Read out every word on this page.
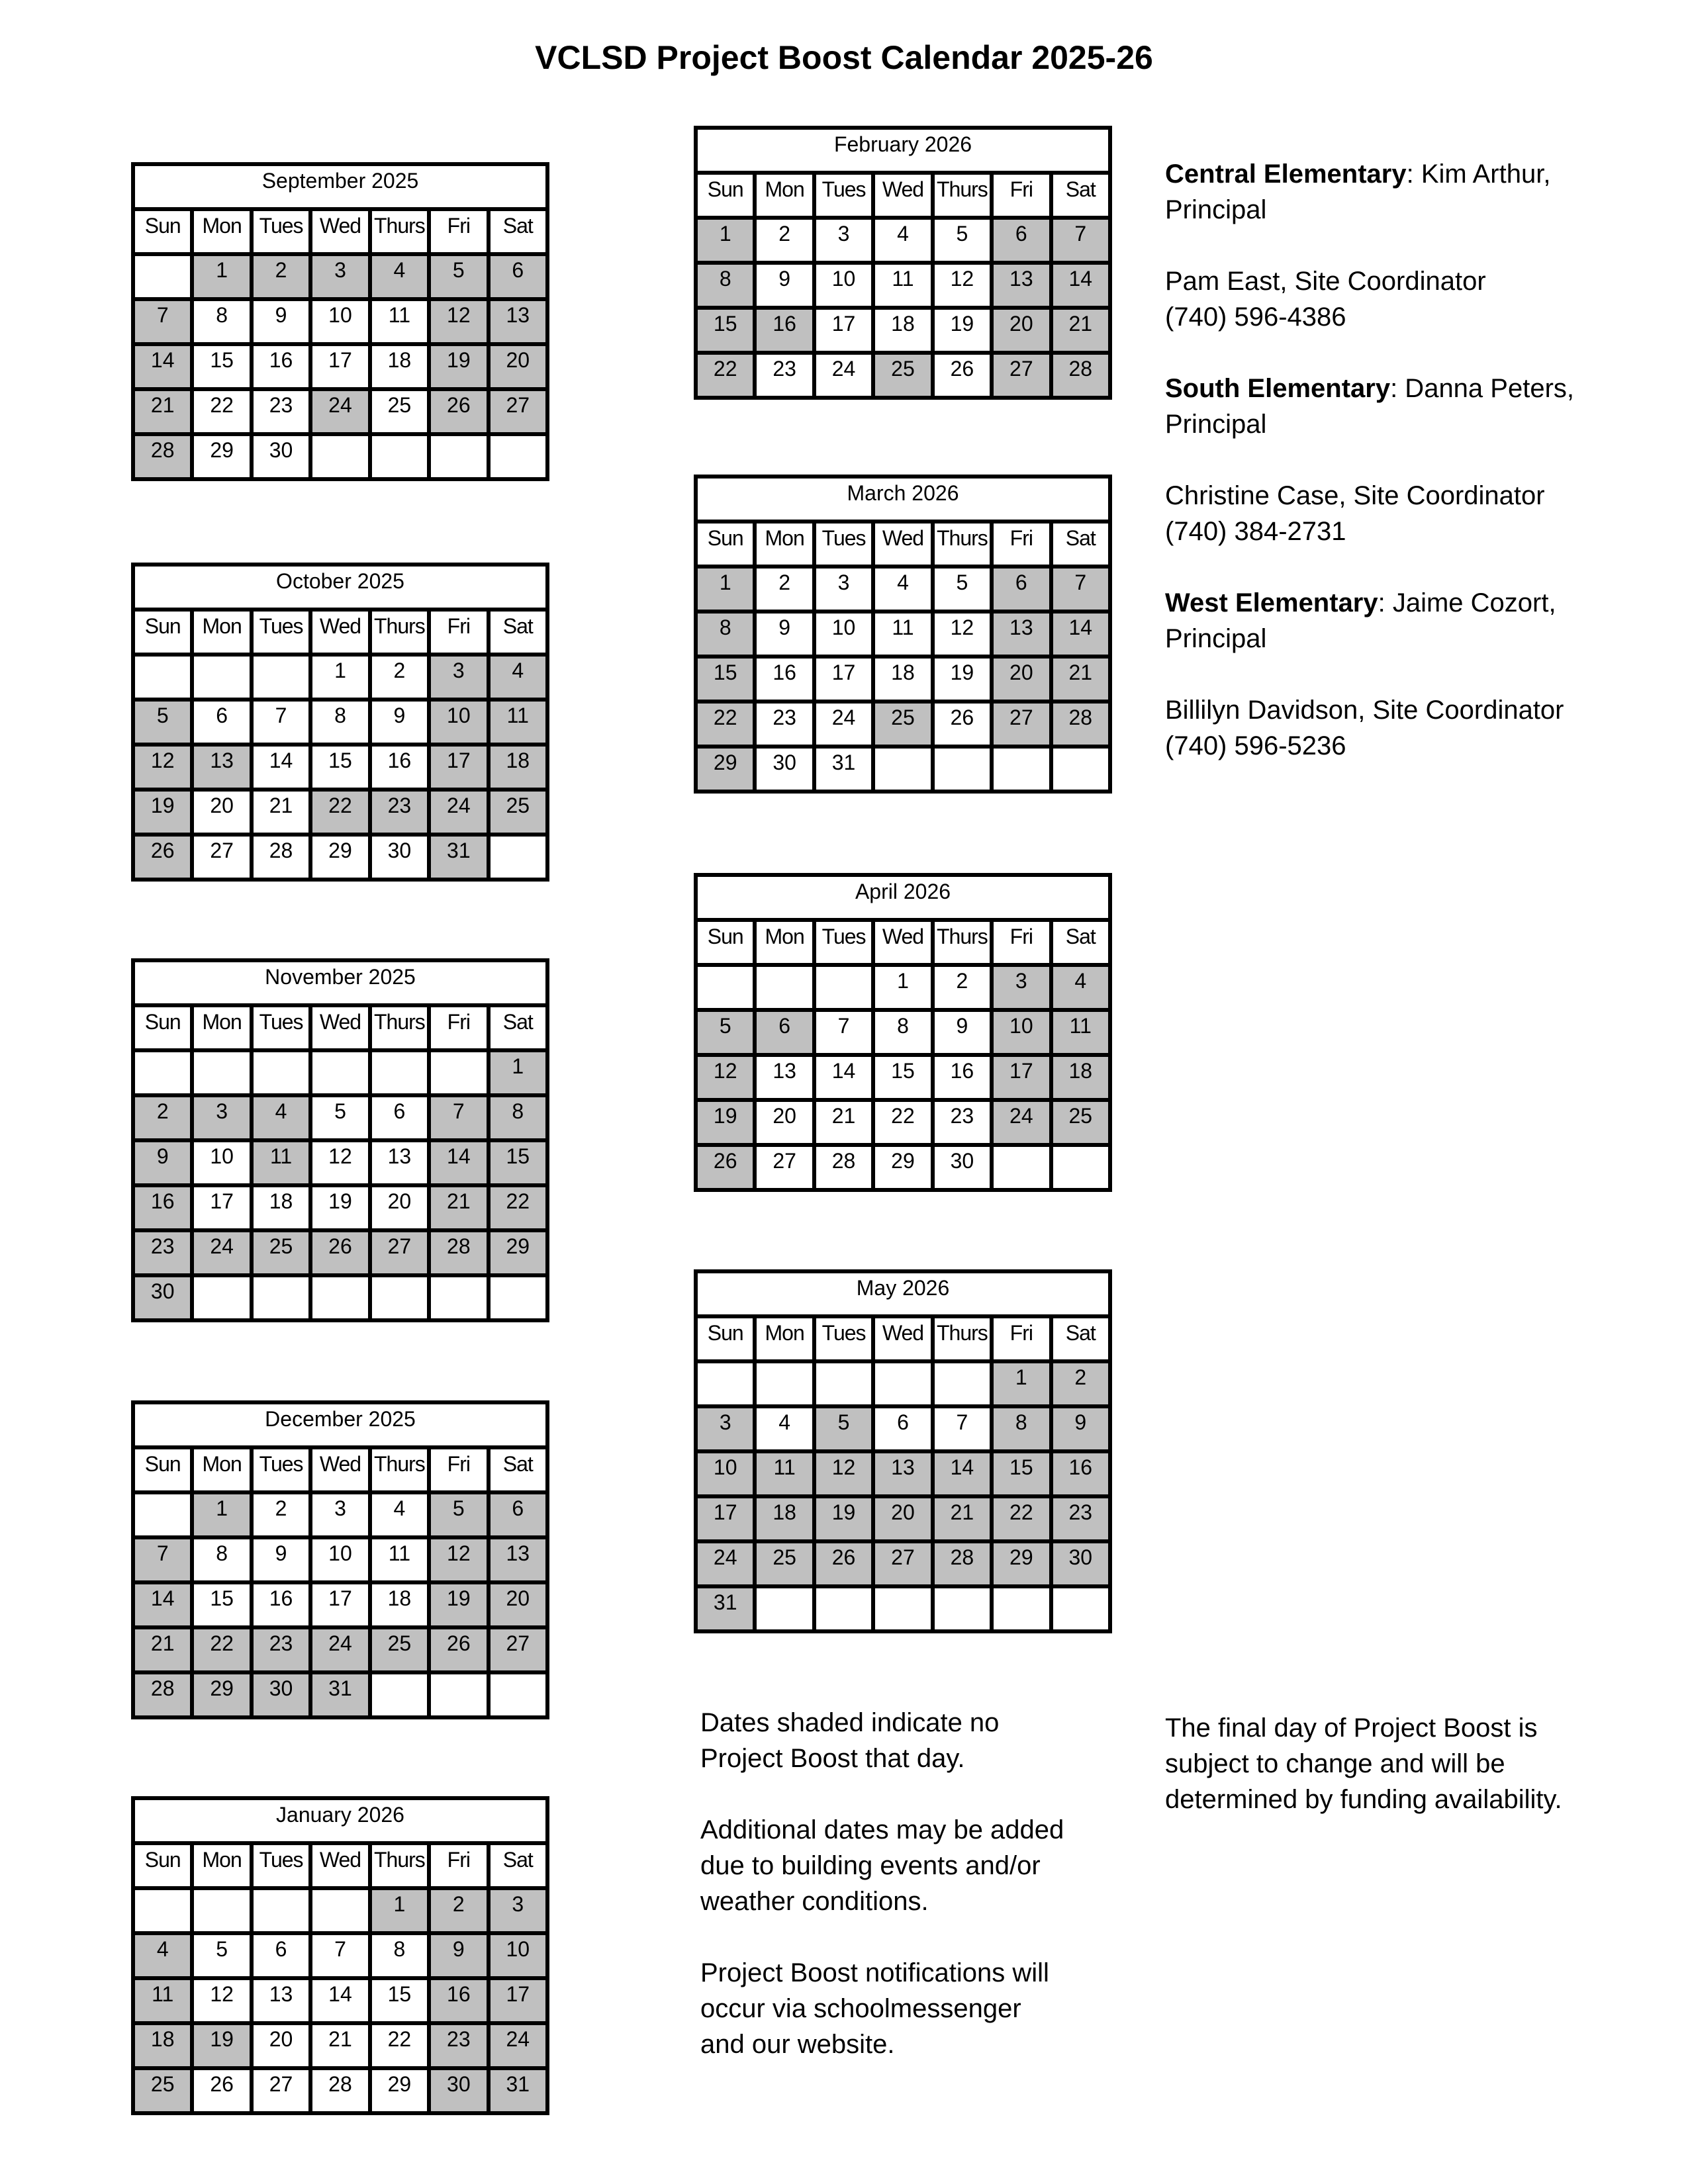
VCLSD Project Boost Calendar 2025-26
September 2025						
Sun	Mon	Tues	Wed	Thurs	Fri	Sat
	1	2	3	4	5	6
7	8	9	10	11	12	13
14	15	16	17	18	19	20
21	22	23	24	25	26	27
28	29	30				
October 2025						
Sun	Mon	Tues	Wed	Thurs	Fri	Sat
			1	2	3	4
5	6	7	8	9	10	11
12	13	14	15	16	17	18
19	20	21	22	23	24	25
26	27	28	29	30	31	
November 2025						
Sun	Mon	Tues	Wed	Thurs	Fri	Sat
						1
2	3	4	5	6	7	8
9	10	11	12	13	14	15
16	17	18	19	20	21	22
23	24	25	26	27	28	29
30						
December 2025						
Sun	Mon	Tues	Wed	Thurs	Fri	Sat
	1	2	3	4	5	6
7	8	9	10	11	12	13
14	15	16	17	18	19	20
21	22	23	24	25	26	27
28	29	30	31			
January 2026						
Sun	Mon	Tues	Wed	Thurs	Fri	Sat
				1	2	3
4	5	6	7	8	9	10
11	12	13	14	15	16	17
18	19	20	21	22	23	24
25	26	27	28	29	30	31
February 2026						
Sun	Mon	Tues	Wed	Thurs	Fri	Sat
1	2	3	4	5	6	7
8	9	10	11	12	13	14
15	16	17	18	19	20	21
22	23	24	25	26	27	28
March 2026						
Sun	Mon	Tues	Wed	Thurs	Fri	Sat
1	2	3	4	5	6	7
8	9	10	11	12	13	14
15	16	17	18	19	20	21
22	23	24	25	26	27	28
29	30	31				
April 2026						
Sun	Mon	Tues	Wed	Thurs	Fri	Sat
			1	2	3	4
5	6	7	8	9	10	11
12	13	14	15	16	17	18
19	20	21	22	23	24	25
26	27	28	29	30		
May 2026						
Sun	Mon	Tues	Wed	Thurs	Fri	Sat
					1	2
3	4	5	6	7	8	9
10	11	12	13	14	15	16
17	18	19	20	21	22	23
24	25	26	27	28	29	30
31						

Central Elementary: Kim Arthur, Principal

Pam East, Site Coordinator
(740) 596-4386

South Elementary: Danna Peters, Principal

Christine Case, Site Coordinator
(740) 384-2731

West Elementary: Jaime Cozort, Principal

Billilyn Davidson, Site Coordinator
(740) 596-5236

Dates shaded indicate no Project Boost that day.

Additional dates may be added due to building events and/or weather conditions.

Project Boost notifications will occur via schoolmessenger and our website.

The final day of Project Boost is subject to change and will be determined by funding availability.
